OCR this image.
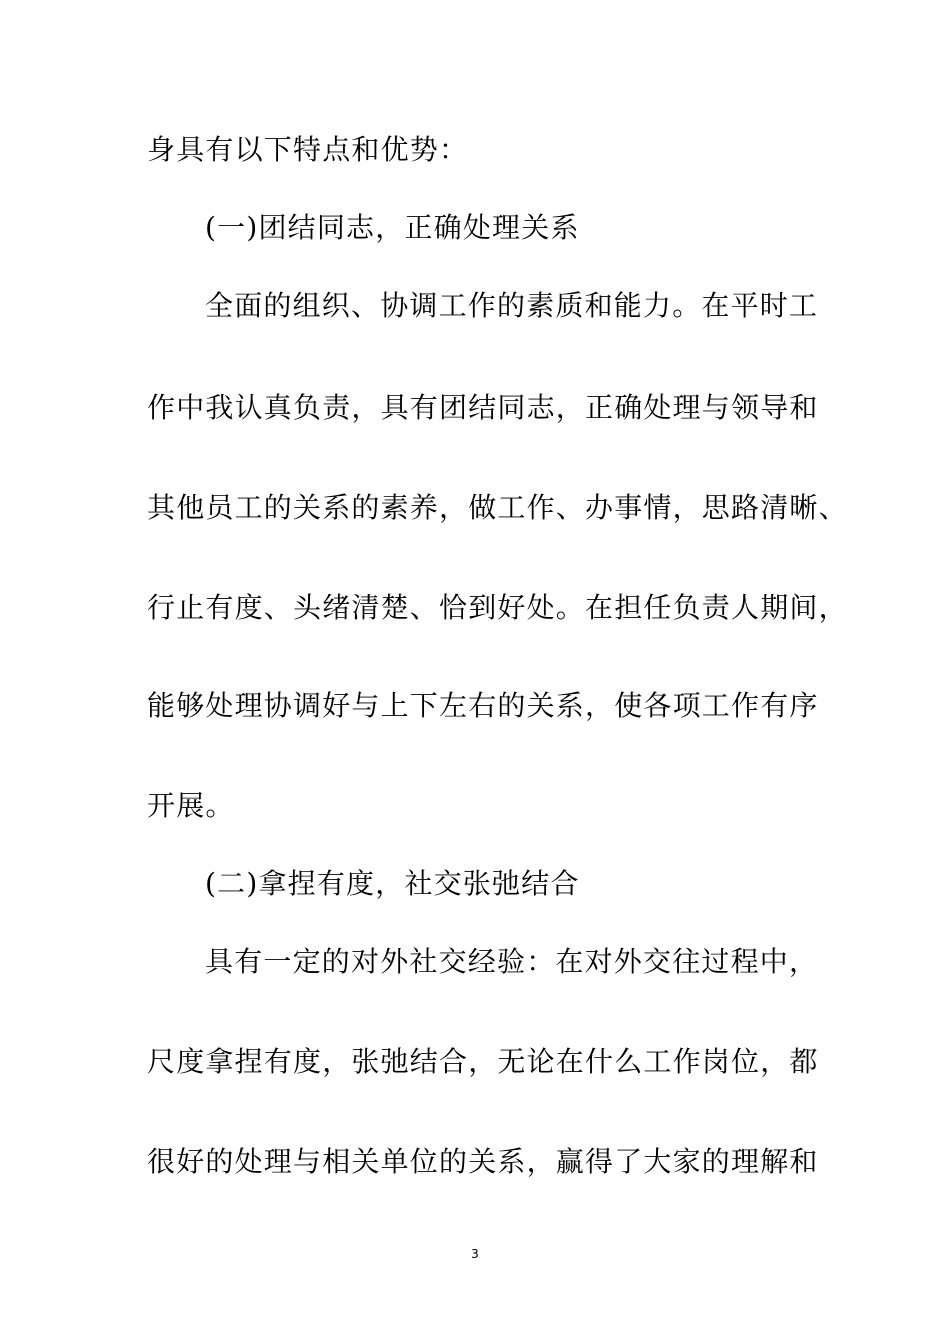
身具有以下特点和优势：
(一)团结同志，正确处理关系
全面的组织、协调工作的素质和能力。在平时工
作中我认真负责，具有团结同志，正确处理与领导和
其他员工的关系的素养，做工作、办事情，思路清晰、
行止有度、头绪清楚、恰到好处。在担任负责人期间，
能够处理协调好与上下左右的关系，使各项工作有序
开展。
(二)拿捏有度，社交张弛结合
具有一定的对外社交经验：在对外交往过程中，
尺度拿捏有度，张弛结合，无论在什么工作岗位，都
很好的处理与相关单位的关系，赢得了大家的理解和
3
